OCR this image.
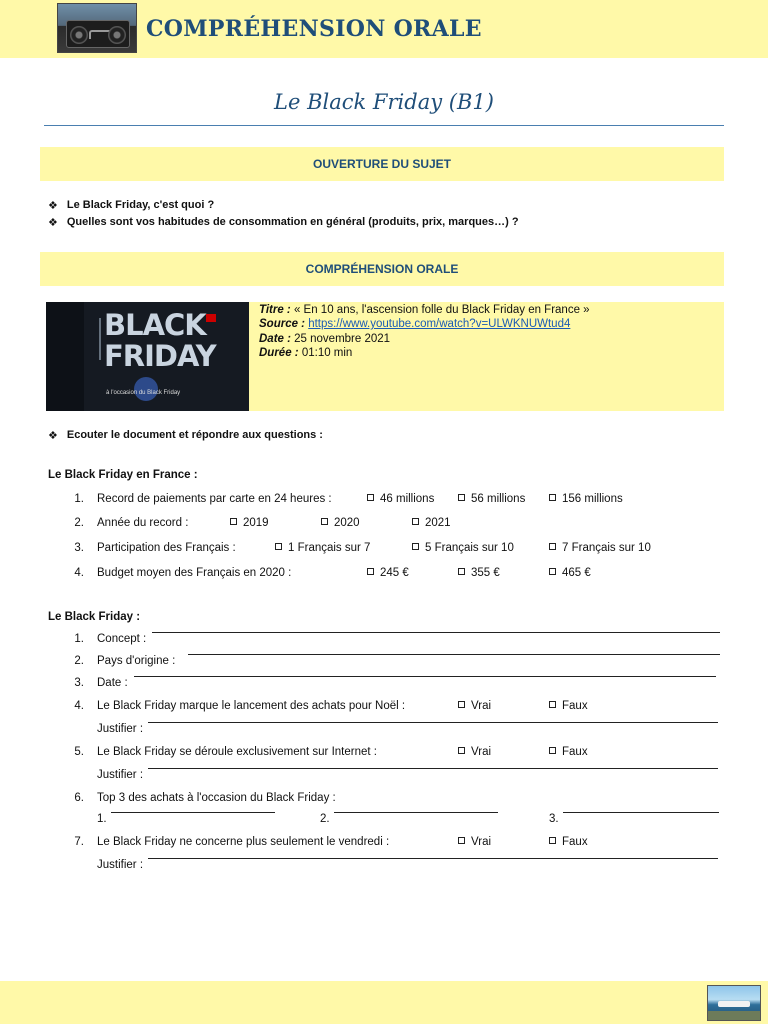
COMPRÉHENSION ORALE
Le Black Friday (B1)
OUVERTURE DU SUJET
❖ Le Black Friday, c'est quoi ?
❖ Quelles sont vos habitudes de consommation en général (produits, prix, marques…) ?
COMPRÉHENSION ORALE
BLACK FRIDAY
à l'occasion du Black Friday
Titre : « En 10 ans, l'ascension folle du Black Friday en France »
Source : https://www.youtube.com/watch?v=ULWKNUWtud4
Date : 25 novembre 2021
Durée : 01:10 min
❖ Ecouter le document et répondre aux questions :
Le Black Friday en France :
1. Record de paiements par carte en 24 heures :	46 millions	56 millions	156 millions
2. Année du record :	2019	2020	2021
3. Participation des Français :	1 Français sur 7	5 Français sur 10	7 Français sur 10
4. Budget moyen des Français en 2020 :	245 €	355 €	465 €
Le Black Friday :
1. Concept :
2. Pays d'origine :
3. Date :
4. Le Black Friday marque le lancement des achats pour Noël :	Vrai	Faux
Justifier :
5. Le Black Friday se déroule exclusivement sur Internet :	Vrai	Faux
Justifier :
6. Top 3 des achats à l'occasion du Black Friday :
1.	2.	3.
7. Le Black Friday ne concerne plus seulement le vendredi :	Vrai	Faux
Justifier :
